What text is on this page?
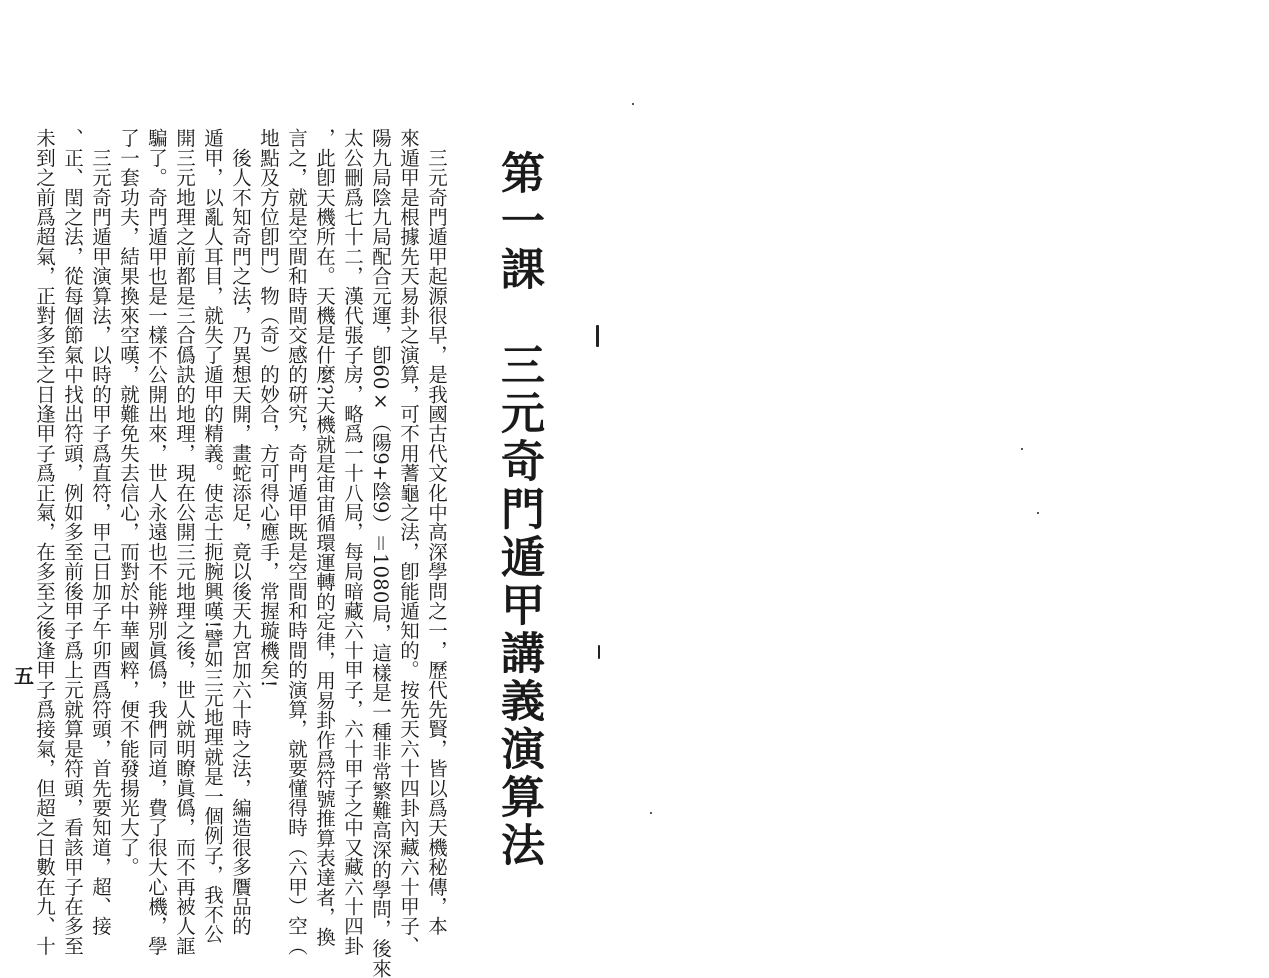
第一課三元奇門遁甲講義演算法
　三元奇門遁甲起源很早，是我國古代文化中高深學問之一，歷代先賢，皆以爲天機秘傳，本
來遁甲是根據先天易卦之演算，可不用蓍龜之法，卽能遁知的。按先天六十四卦內藏六十甲子、
陽九局陰九局配合元運，卽60×（陽9+陰9）＝1080局，這樣是一種非常繁難高深的學問，後來
太公刪爲七十二，漢代張子房，略爲一十八局，每局暗藏六十甲子，六十甲子之中又藏六十四卦
，此卽天機所在。天機是什麼?天機就是宙宙循環運轉的定律，用易卦作爲符號推算表達者，換
言之，就是空間和時間交感的硏究，奇門遁甲既是空間和時間的演算，就要懂得時（六甲）空（
地點及方位卽門）物（奇）的妙合，方可得心應手，常握璇機矣!
　後人不知奇門之法，乃異想天開，畫蛇添足，竟以後天九宮加六十時之法，編造很多贋品的
遁甲，以亂人耳目，就失了遁甲的精義。使志士扼腕興嘆!譬如三元地理就是一個例子，我不公
開三元地理之前都是三合僞訣的地理，現在公開三元地理之後，世人就明瞭眞僞，而不再被人誆
騙了。奇門遁甲也是一樣不公開出來，世人永遠也不能辨別眞僞，我們同道，費了很大心機，學
了一套功夫，結果換來空嘆，就難免失去信心，而對於中華國粹，便不能發揚光大了。
　三元奇門遁甲演算法，以時的甲子爲直符，甲己日加子午卯酉爲符頭，首先要知道，超、接
、正、閏之法，從每個節氣中找出符頭，例如多至前後甲子爲上元就算是符頭，看該甲子在多至
未到之前爲超氣，正對多至之日逢甲子爲正氣，在多至之後逢甲子爲接氣，但超之日數在九、十
五
